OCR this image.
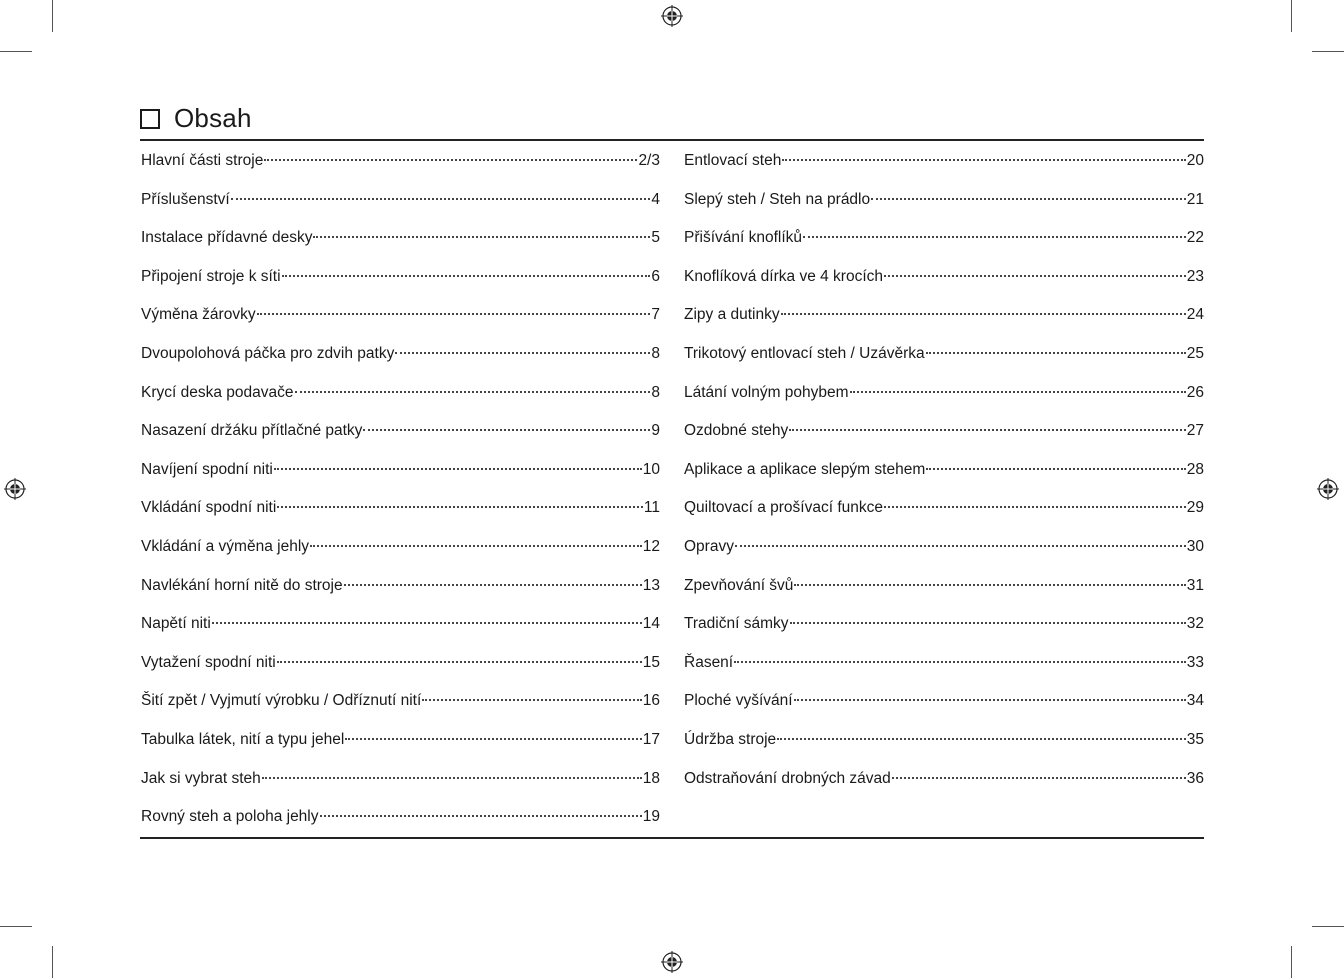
Obsah
Hlavní části stroje	2/3
Příslušenství	4
Instalace přídavné desky	5
Připojení stroje k síti	6
Výměna žárovky	7
Dvoupolohová páčka pro zdvih patky	8
Krycí deska podavače	8
Nasazení držáku přítlačné patky	9
Navíjení spodní niti	10
Vkládání spodní niti	11
Vkládání a výměna jehly	12
Navlékání horní nitě do stroje	13
Napětí niti	14
Vytažení spodní niti	15
Šití zpět / Vyjmutí výrobku / Odříznutí nití	16
Tabulka látek, nití a typu jehel	17
Jak si vybrat steh	18
Rovný steh a poloha jehly	19
Entlovací steh	20
Slepý steh / Steh na prádlo	21
Přišívání knoflíků	22
Knoflíková dírka ve 4 krocích	23
Zipy a dutinky	24
Trikotový entlovací steh / Uzávěrka	25
Látání volným pohybem	26
Ozdobné stehy	27
Aplikace a aplikace slepým stehem	28
Quiltovací a prošívací funkce	29
Opravy	30
Zpevňování švů	31
Tradiční sámky	32
Řasení	33
Ploché vyšívání	34
Údržba stroje	35
Odstraňování drobných závad	36
